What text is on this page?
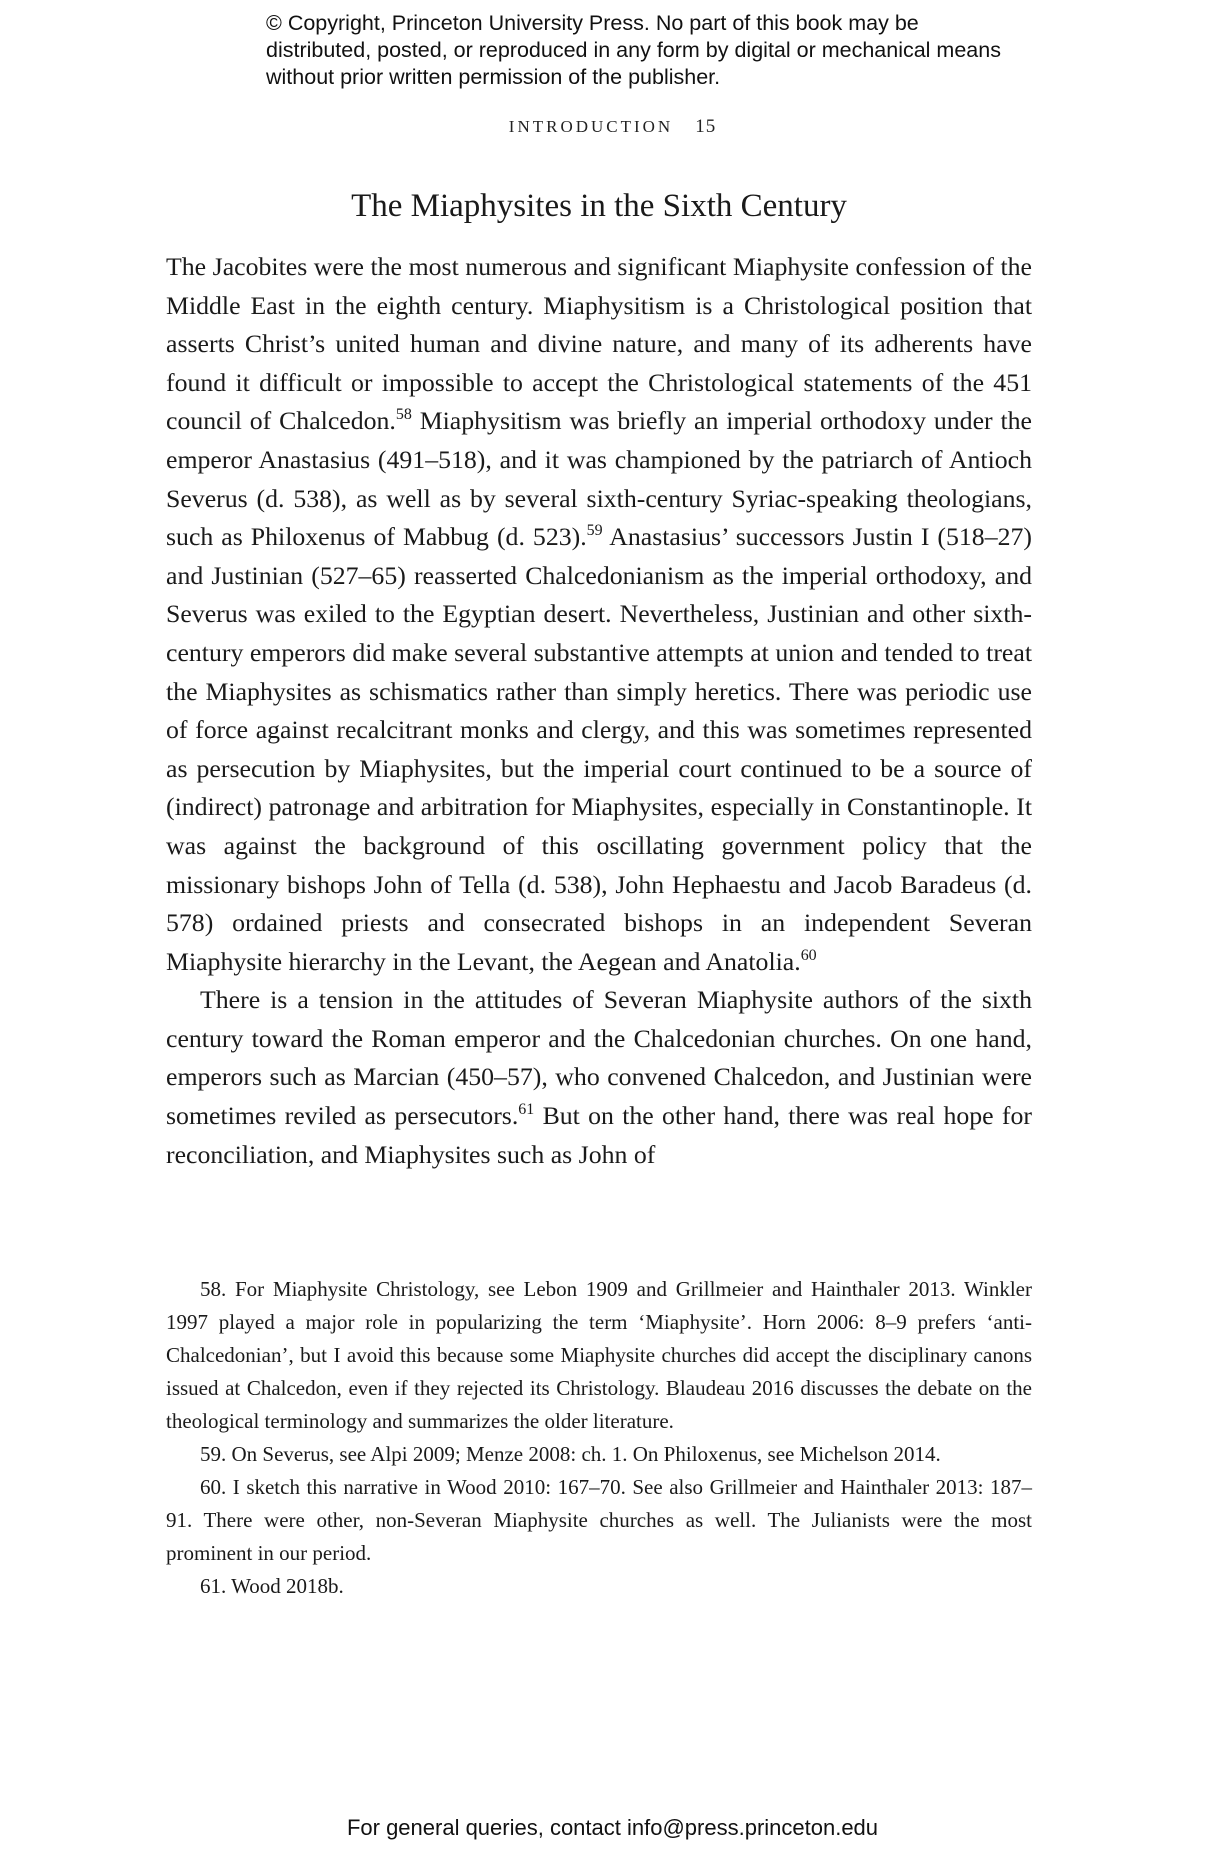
© Copyright, Princeton University Press. No part of this book may be distributed, posted, or reproduced in any form by digital or mechanical means without prior written permission of the publisher.
INTRODUCTION 15
The Miaphysites in the Sixth Century

The Jacobites were the most numerous and significant Miaphysite confession of the Middle East in the eighth century. Miaphysitism is a Christological position that asserts Christ’s united human and divine nature, and many of its adherents have found it difficult or impossible to accept the Christological statements of the 451 council of Chalcedon.$^{58}$ Miaphysitism was briefly an imperial orthodoxy under the emperor Anastasius (491–518), and it was championed by the patriarch of Antioch Severus (d. 538), as well as by several sixth-century Syriac-speaking theologians, such as Philoxenus of Mabbug (d. 523).$^{59}$ Anastasius’ successors Justin I (518–27) and Justinian (527–65) reasserted Chalcedonianism as the imperial orthodoxy, and Severus was exiled to the Egyptian desert. Nevertheless, Justinian and other sixth-century emperors did make several substantive attempts at union and tended to treat the Miaphysites as schismatics rather than simply heretics. There was periodic use of force against recalcitrant monks and clergy, and this was sometimes represented as persecution by Miaphysites, but the imperial court continued to be a source of (indirect) patronage and arbitration for Miaphysites, especially in Constantinople. It was against the background of this oscillating government policy that the missionary bishops John of Tella (d. 538), John Hephaestu and Jacob Baradeus (d. 578) ordained priests and consecrated bishops in an independent Severan Miaphysite hierarchy in the Levant, the Aegean and Anatolia.$^{60}$

There is a tension in the attitudes of Severan Miaphysite authors of the sixth century toward the Roman emperor and the Chalcedonian churches. On one hand, emperors such as Marcian (450–57), who convened Chalcedon, and Justinian were sometimes reviled as persecutors.$^{61}$ But on the other hand, there was real hope for reconciliation, and Miaphysites such as John of

58. For Miaphysite Christology, see Lebon 1909 and Grillmeier and Hainthaler 2013. Winkler 1997 played a major role in popularizing the term ‘Miaphysite’. Horn 2006: 8–9 prefers ‘anti-Chalcedonian’, but I avoid this because some Miaphysite churches did accept the disciplinary canons issued at Chalcedon, even if they rejected its Christology. Blaudeau 2016 discusses the debate on the theological terminology and summarizes the older literature.

59. On Severus, see Alpi 2009; Menze 2008: ch. 1. On Philoxenus, see Michelson 2014.

60. I sketch this narrative in Wood 2010: 167–70. See also Grillmeier and Hainthaler 2013: 187–91. There were other, non-Severan Miaphysite churches as well. The Julianists were the most prominent in our period.

61. Wood 2018b.

For general queries, contact info@press.princeton.edu
